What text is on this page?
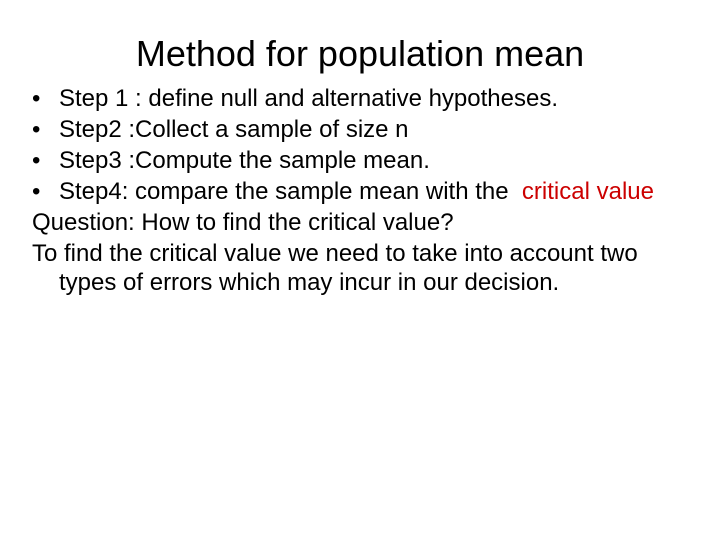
Method for population mean
• Step 1 : define null and alternative hypotheses.
• Step2 :Collect a sample of size n
• Step3 :Compute the sample mean.
• Step4: compare the sample mean with the  critical value

Question: How to find the critical value?

To find the critical value we need to take into account two types of errors which may incur in our decision.
